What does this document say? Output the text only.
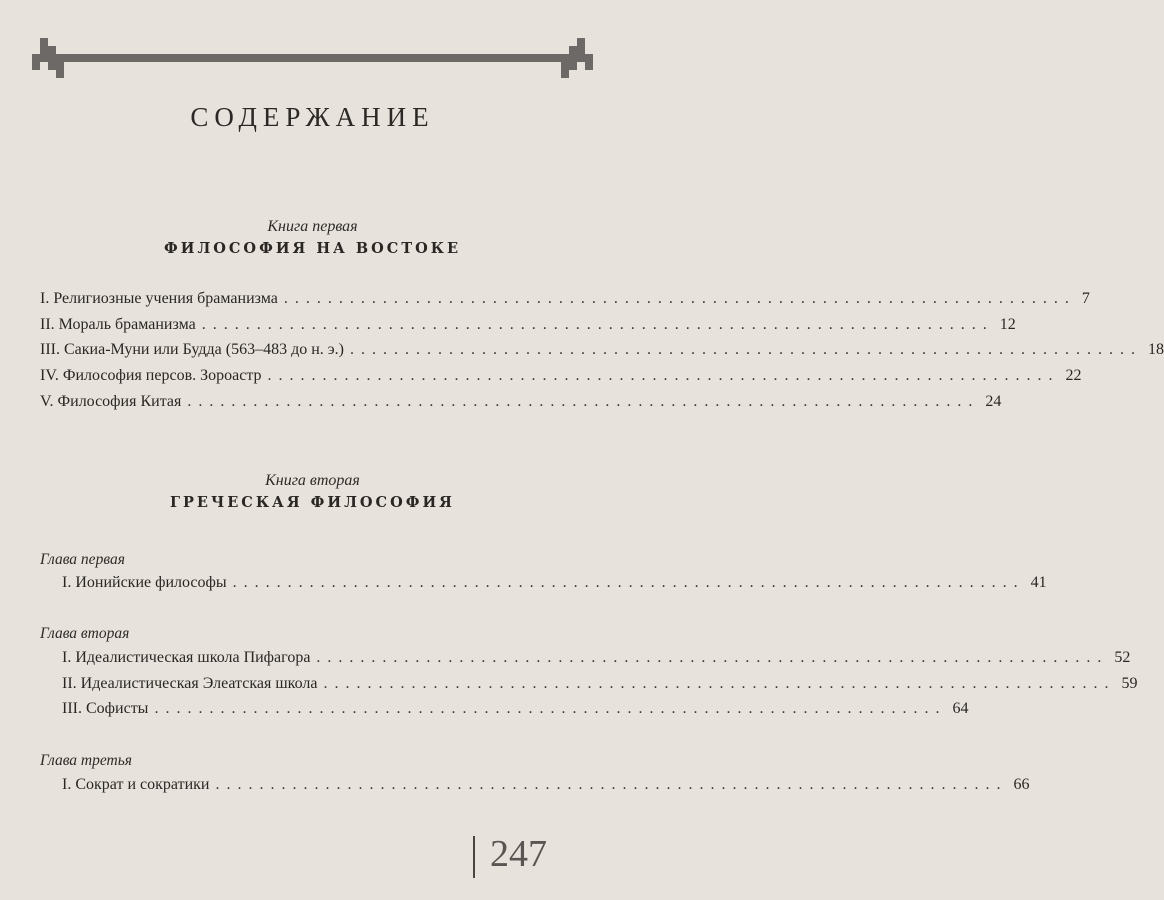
СОДЕРЖАНИЕ
Книга первая
ФИЛОСОФИЯ НА ВОСТОКЕ
I. Религиозные учения браманизма ........................................................................ 7
II. Мораль браманизма ........................................................................ 12
III. Сакиа-Муни или Будда (563–483 до н. э.) ........................................................................ 18
IV. Философия персов. Зороастр ........................................................................ 22
V. Философия Китая ........................................................................ 24
Книга вторая
ГРЕЧЕСКАЯ ФИЛОСОФИЯ
Глава первая
I. Ионийские философы ........................................................................ 41
Глава вторая
I. Идеалистическая школа Пифагора ........................................................................ 52
II. Идеалистическая Элеатская школа ........................................................................ 59
III. Софисты ........................................................................ 64
Глава третья
I. Сократ и сократики ........................................................................ 66
247
